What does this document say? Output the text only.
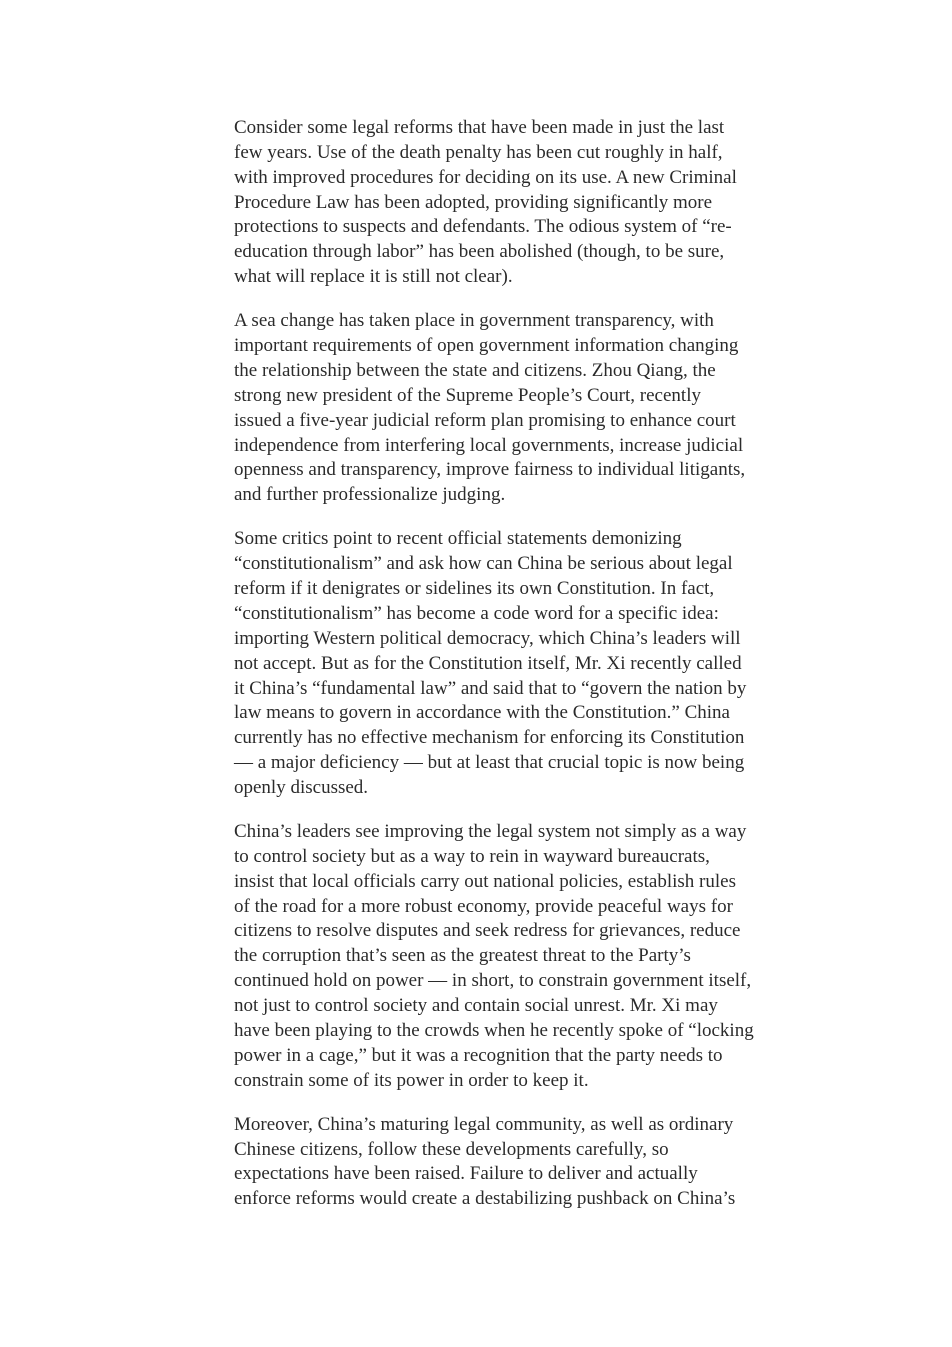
Consider some legal reforms that have been made in just the last
few years. Use of the death penalty has been cut roughly in half,
with improved procedures for deciding on its use. A new Criminal
Procedure Law has been adopted, providing significantly more
protections to suspects and defendants. The odious system of “re-
education through labor” has been abolished (though, to be sure,
what will replace it is still not clear).

A sea change has taken place in government transparency, with
important requirements of open government information changing
the relationship between the state and citizens. Zhou Qiang, the
strong new president of the Supreme People’s Court, recently
issued a five-year judicial reform plan promising to enhance court
independence from interfering local governments, increase judicial
openness and transparency, improve fairness to individual litigants,
and further professionalize judging.

Some critics point to recent official statements demonizing
“constitutionalism” and ask how can China be serious about legal
reform if it denigrates or sidelines its own Constitution. In fact,
“constitutionalism” has become a code word for a specific idea:
importing Western political democracy, which China’s leaders will
not accept. But as for the Constitution itself, Mr. Xi recently called
it China’s “fundamental law” and said that to “govern the nation by
law means to govern in accordance with the Constitution.” China
currently has no effective mechanism for enforcing its Constitution
— a major deficiency — but at least that crucial topic is now being
openly discussed.

China’s leaders see improving the legal system not simply as a way
to control society but as a way to rein in wayward bureaucrats,
insist that local officials carry out national policies, establish rules
of the road for a more robust economy, provide peaceful ways for
citizens to resolve disputes and seek redress for grievances, reduce
the corruption that’s seen as the greatest threat to the Party’s
continued hold on power — in short, to constrain government itself,
not just to control society and contain social unrest. Mr. Xi may
have been playing to the crowds when he recently spoke of “locking
power in a cage,” but it was a recognition that the party needs to
constrain some of its power in order to keep it.

Moreover, China’s maturing legal community, as well as ordinary
Chinese citizens, follow these developments carefully, so
expectations have been raised. Failure to deliver and actually
enforce reforms would create a destabilizing pushback on China’s
